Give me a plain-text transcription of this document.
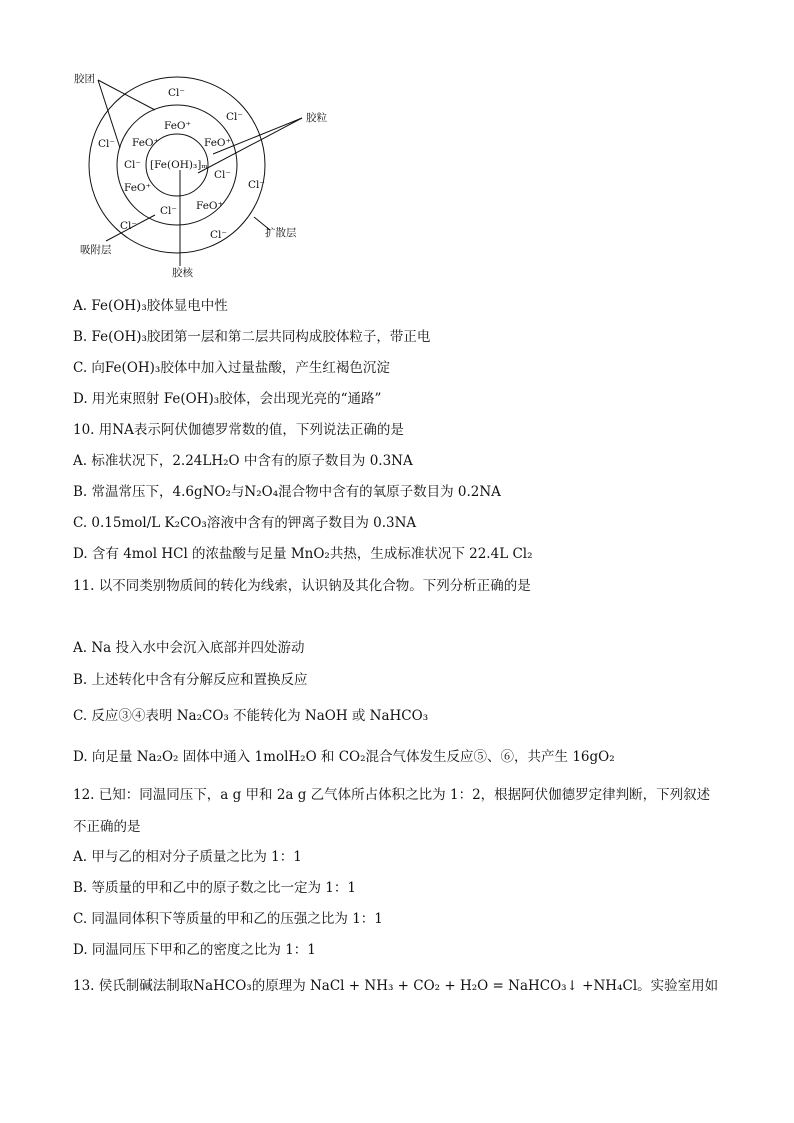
胶团
胶粒
吸附层
扩散层
胶核
[Fe(OH)₃]ₘ
Cl⁻
Cl⁻
Cl⁻
Cl⁻
Cl⁻
Cl⁻
FeO⁺
FeO⁺	FeO⁺
Cl⁻
Cl⁻
FeO⁺
Cl⁻ FeO⁺
A. Fe(OH)₃胶体显电中性
B. Fe(OH)₃胶团第一层和第二层共同构成胶体粒子，带正电
C. 向Fe(OH)₃胶体中加入过量盐酸，产生红褐色沉淀
D. 用光束照射 Fe(OH)₃胶体，会出现光亮的“通路”
10. 用NA表示阿伏伽德罗常数的值，下列说法正确的是
A. 标准状况下，2.24LH₂O 中含有的原子数目为 0.3NA
B. 常温常压下，4.6gNO₂与N₂O₄混合物中含有的氧原子数目为 0.2NA
C. 0.15mol/L K₂CO₃溶液中含有的钾离子数目为 0.3NA
D. 含有 4mol HCl 的浓盐酸与足量 MnO₂共热，生成标准状况下 22.4L Cl₂
11. 以不同类别物质间的转化为线索，认识钠及其化合物。下列分析正确的是
A. Na 投入水中会沉入底部并四处游动
B. 上述转化中含有分解反应和置换反应
C. 反应③④表明 Na₂CO₃ 不能转化为 NaOH 或 NaHCO₃
D. 向足量 Na₂O₂ 固体中通入 1molH₂O 和 CO₂混合气体发生反应⑤、⑥，共产生 16gO₂
12. 已知：同温同压下，a g 甲和 2a g 乙气体所占体积之比为 1：2，根据阿伏伽德罗定律判断，下列叙述
不正确的是
A. 甲与乙的相对分子质量之比为 1：1
B. 等质量的甲和乙中的原子数之比一定为 1：1
C. 同温同体积下等质量的甲和乙的压强之比为 1：1
D. 同温同压下甲和乙的密度之比为 1：1
13. 侯氏制碱法制取NaHCO₃的原理为 NaCl + NH₃ + CO₂ + H₂O = NaHCO₃↓ +NH₄Cl。实验室用如
